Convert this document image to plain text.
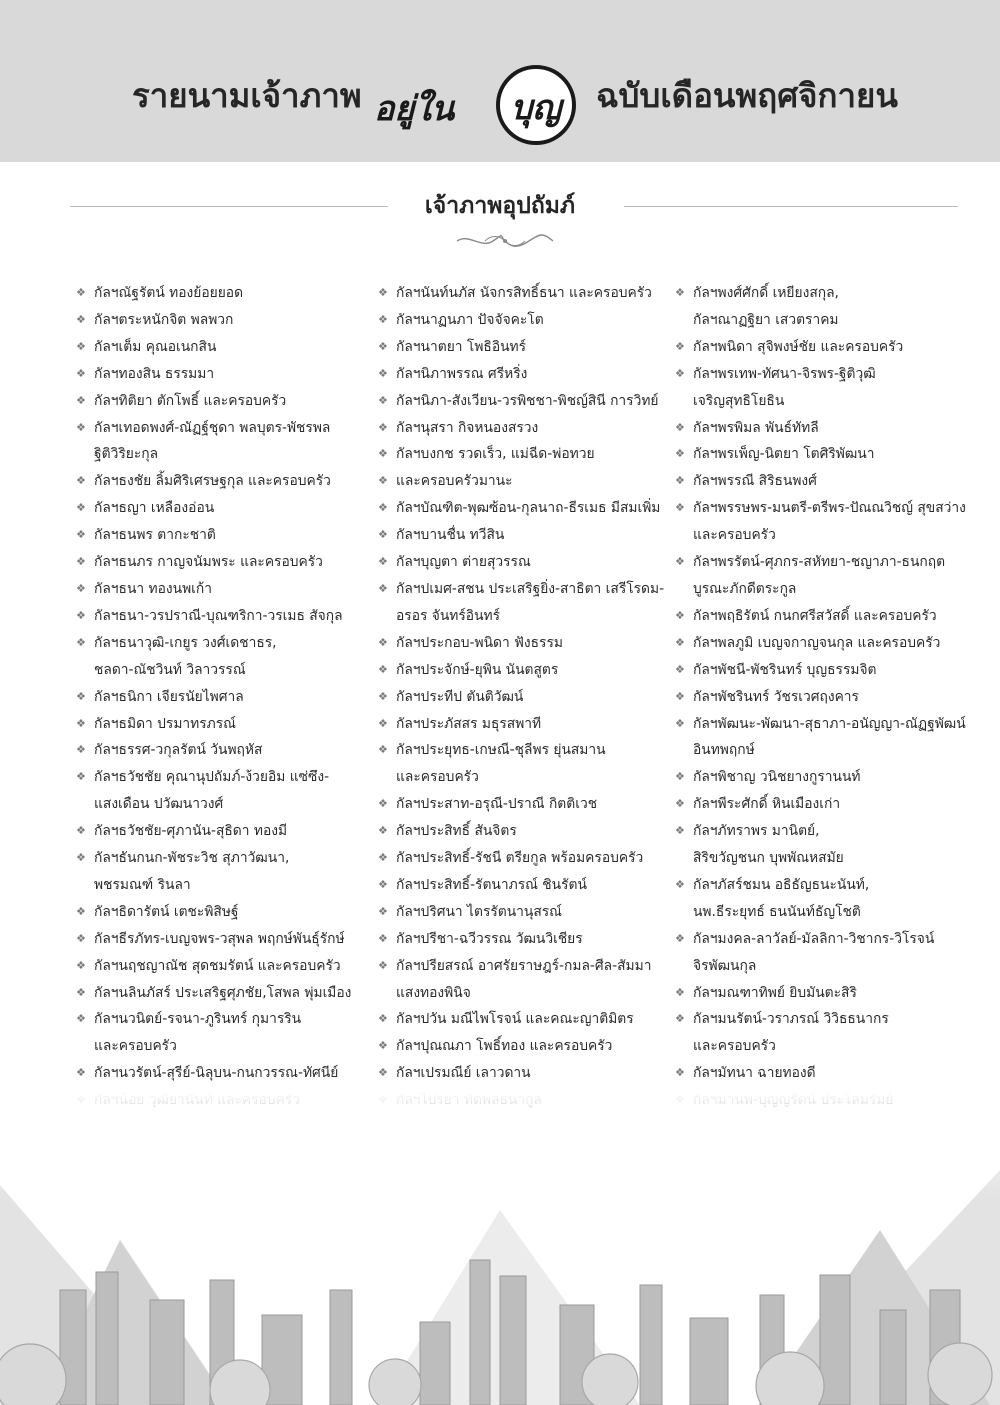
รายนามเจ้าภาพ อยู่ใน บุญ ฉบับเดือนพฤศจิกายน
เจ้าภาพอุปถัมภ์
❖ กัลฯณัฐรัตน์ ทองย้อยยอด
❖ กัลฯตระหนักจิต พลพวก
❖ กัลฯเต็ม คุณอเนกสิน
❖ กัลฯทองสิน ธรรมมา
❖ กัลฯทิติยา ตักโพธิ์ และครอบครัว
❖ กัลฯเทอดพงศ์-ณัฏฐ์ชุดา พลบุตร-พัชรพล
ฐิติวิริยะกุล
❖ กัลฯธงชัย ลิ้มศิริเศรษฐกุล และครอบครัว
❖ กัลฯธญา เหลืองอ่อน
❖ กัลฯธนพร ตากะชาติ
❖ กัลฯธนภร กาญจนัมพระ และครอบครัว
❖ กัลฯธนา ทองนพเก้า
❖ กัลฯธนา-วรปราณี-บุณฑริกา-วรเมธ สัจกุล
❖ กัลฯธนาวุฒิ-เกยูร วงศ์เดชาธร,
ชลดา-ณัชวินท์ วิลาวรรณ์
❖ กัลฯธนิกา เจียรนัยไพศาล
❖ กัลฯธมิดา ปรมาทรภรณ์
❖ กัลฯธรรศ-วกุลรัตน์ วันพฤหัส
❖ กัลฯธวัชชัย คุณานุปถัมภ์-ง้วยอิม แซ่ซึง-
แสงเดือน ปวัฒนาวงศ์
❖ กัลฯธวัชชัย-ศุภานัน-สุธิดา ทองมี
❖ กัลฯธันกนก-พัชระวิช สุภาวัฒนา,
พชรมณฑ์ รินลา
❖ กัลฯธิดารัตน์ เตชะพิสิษฐ์
❖ กัลฯธีรภัทร-เบญจพร-วสุพล พฤกษ์พันธุ์รักษ์
❖ กัลฯนฤชญาณัช สุดชมรัตน์ และครอบครัว
❖ กัลฯนลินภัสร์ ประเสริฐศุภชัย,โสพล พุ่มเมือง
❖ กัลฯนวนิตย์-รจนา-ภูรินทร์ กุมารริน
และครอบครัว
❖ กัลฯนวรัตน์-สุรีย์-นิลุบน-กนกวรรณ-ทัศนีย์
❖ กัลฯนันท์นภัส นัจกรสิทธิ์ธนา และครอบครัว
❖ กัลฯนาฏนภา ปัจจัจคะโต
❖ กัลฯนาตยา โพธิอินทร์
❖ กัลฯนิภาพรรณ ศรีหริ่ง
❖ กัลฯนิภา-สังเวียน-วรพิชชา-พิชญ์สินี การวิทย์
❖ กัลฯนุสรา กิจหนองสรวง
❖ กัลฯบงกช รวดเร็ว, แม่ฉีด-พ่อทวย
❖ และครอบครัวมานะ
❖ กัลฯบัณฑิต-พุฒซ้อน-กุลนาถ-ธีรเมธ มีสมเพิ่ม
❖ กัลฯบานชื่น ทวีสิน
❖ กัลฯบุญตา ต่ายสุวรรณ
❖ กัลฯปเมศ-สชน ประเสริฐยิ่ง-สาธิตา เสรีโรดม-
อรอร จันทร์อินทร์
❖ กัลฯประกอบ-พนิดา ฟังธรรม
❖ กัลฯประจักษ์-ยุพิน นันตสูตร
❖ กัลฯประทีป ตันติวัฒน์
❖ กัลฯประภัสสร มธุรสพาที
❖ กัลฯประยุทธ-เกษณี-ชุลีพร ยุ่นสมาน
และครอบครัว
❖ กัลฯประสาท-อรุณี-ปราณี กิตติเวช
❖ กัลฯประสิทธิ์ สันจิตร
❖ กัลฯประสิทธิ์-รัชนี ตรียกูล พร้อมครอบครัว
❖ กัลฯประสิทธิ์-รัตนาภรณ์ ชินรัตน์
❖ กัลฯปริศนา ไตรรัตนานุสรณ์
❖ กัลฯปรีชา-ฉวีวรรณ วัฒนวิเชียร
❖ กัลฯปรียสรณ์ อาศรัยราษฎร์-กมล-ศีล-สัมมา
แสงทองพินิจ
❖ กัลฯปวัน มณีไพโรจน์ และคณะญาติมิตร
❖ กัลฯปุณณภา โพธิ์ทอง และครอบครัว
❖ กัลฯเปรมณีย์ เลาวดาน
❖ กัลฯพงศ์ศักดิ์ เหยียงสกุล,
กัลฯณาฏฐิยา เสวตราคม
❖ กัลฯพนิดา สุจิพงษ์ชัย และครอบครัว
❖ กัลฯพรเทพ-ทัศนา-จิรพร-ฐิติวุฒิ
เจริญสุทธิโยธิน
❖ กัลฯพรพิมล พันธ์ทัทลี
❖ กัลฯพรเพ็ญ-นิตยา โตศิริพัฒนา
❖ กัลฯพรรณี สิริธนพงศ์
❖ กัลฯพรรษพร-มนตรี-ตรีพร-ปัณณวิชญ์ สุขสว่าง
และครอบครัว
❖ กัลฯพรรัตน์-ศุภกร-สหัทยา-ชญาภา-ธนกฤต
บูรณะภักดีตระกูล
❖ กัลฯพฤธิรัตน์ กนกศรีสวัสดิ์ และครอบครัว
❖ กัลฯพลภูมิ เบญจกาญจนกุล และครอบครัว
❖ กัลฯพัชนี-พัชรินทร์ บุญธรรมจิต
❖ กัลฯพัชรินทร์ วัชรเวศฤงคาร
❖ กัลฯพัฒนะ-พัฒนา-สุธาภา-อนัญญา-ณัฏฐพัฒน์
อินทพฤกษ์
❖ กัลฯพิชาญ วนิชยางกูรานนท์
❖ กัลฯพีระศักดิ์ หินเมืองเก่า
❖ กัลฯภัทราพร มานิตย์,
สิริขวัญชนก บุพพัณหสมัย
❖ กัลฯภัสร์ชมน อธิธัญธนะนันท์,
นพ.ธีระยุทธ์ ธนนันท์ธัญโชติ
❖ กัลฯมงคล-ลาวัลย์-มัลลิกา-วิชากร-วิโรจน์
จิรพัฒนกุล
❖ กัลฯมณฑาทิพย์ ยิบมันตะสิริ
❖ กัลฯมนรัตน์-วราภรณ์ วิวิธธนากร
และครอบครัว
❖ กัลฯมัทนา ฉายทองดี
